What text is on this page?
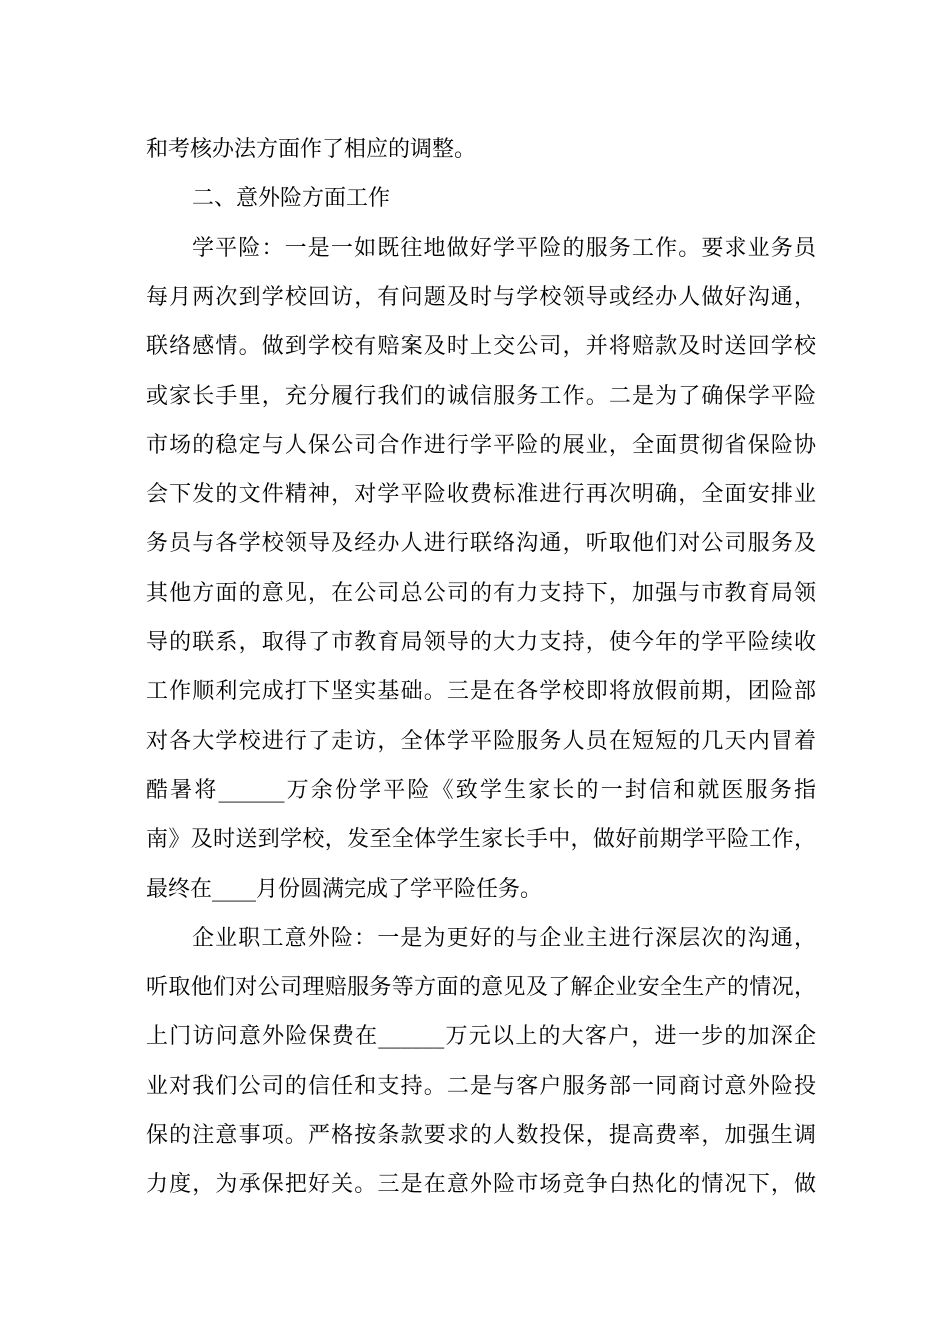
和考核办法方面作了相应的调整。
二、意外险方面工作
学平险：一是一如既往地做好学平险的服务工作。要求业务员
每月两次到学校回访，有问题及时与学校领导或经办人做好沟通，
联络感情。做到学校有赔案及时上交公司，并将赔款及时送回学校
或家长手里，充分履行我们的诚信服务工作。二是为了确保学平险
市场的稳定与人保公司合作进行学平险的展业，全面贯彻省保险协
会下发的文件精神，对学平险收费标准进行再次明确，全面安排业
务员与各学校领导及经办人进行联络沟通，听取他们对公司服务及
其他方面的意见，在公司总公司的有力支持下，加强与市教育局领
导的联系，取得了市教育局领导的大力支持，使今年的学平险续收
工作顺利完成打下坚实基础。三是在各学校即将放假前期，团险部
对各大学校进行了走访，全体学平险服务人员在短短的几天内冒着
酷暑将______万余份学平险《致学生家长的一封信和就医服务指
南》及时送到学校，发至全体学生家长手中，做好前期学平险工作，
最终在____月份圆满完成了学平险任务。
企业职工意外险：一是为更好的与企业主进行深层次的沟通，
听取他们对公司理赔服务等方面的意见及了解企业安全生产的情况，
上门访问意外险保费在______万元以上的大客户，进一步的加深企
业对我们公司的信任和支持。二是与客户服务部一同商讨意外险投
保的注意事项。严格按条款要求的人数投保，提高费率，加强生调
力度，为承保把好关。三是在意外险市场竞争白热化的情况下，做
